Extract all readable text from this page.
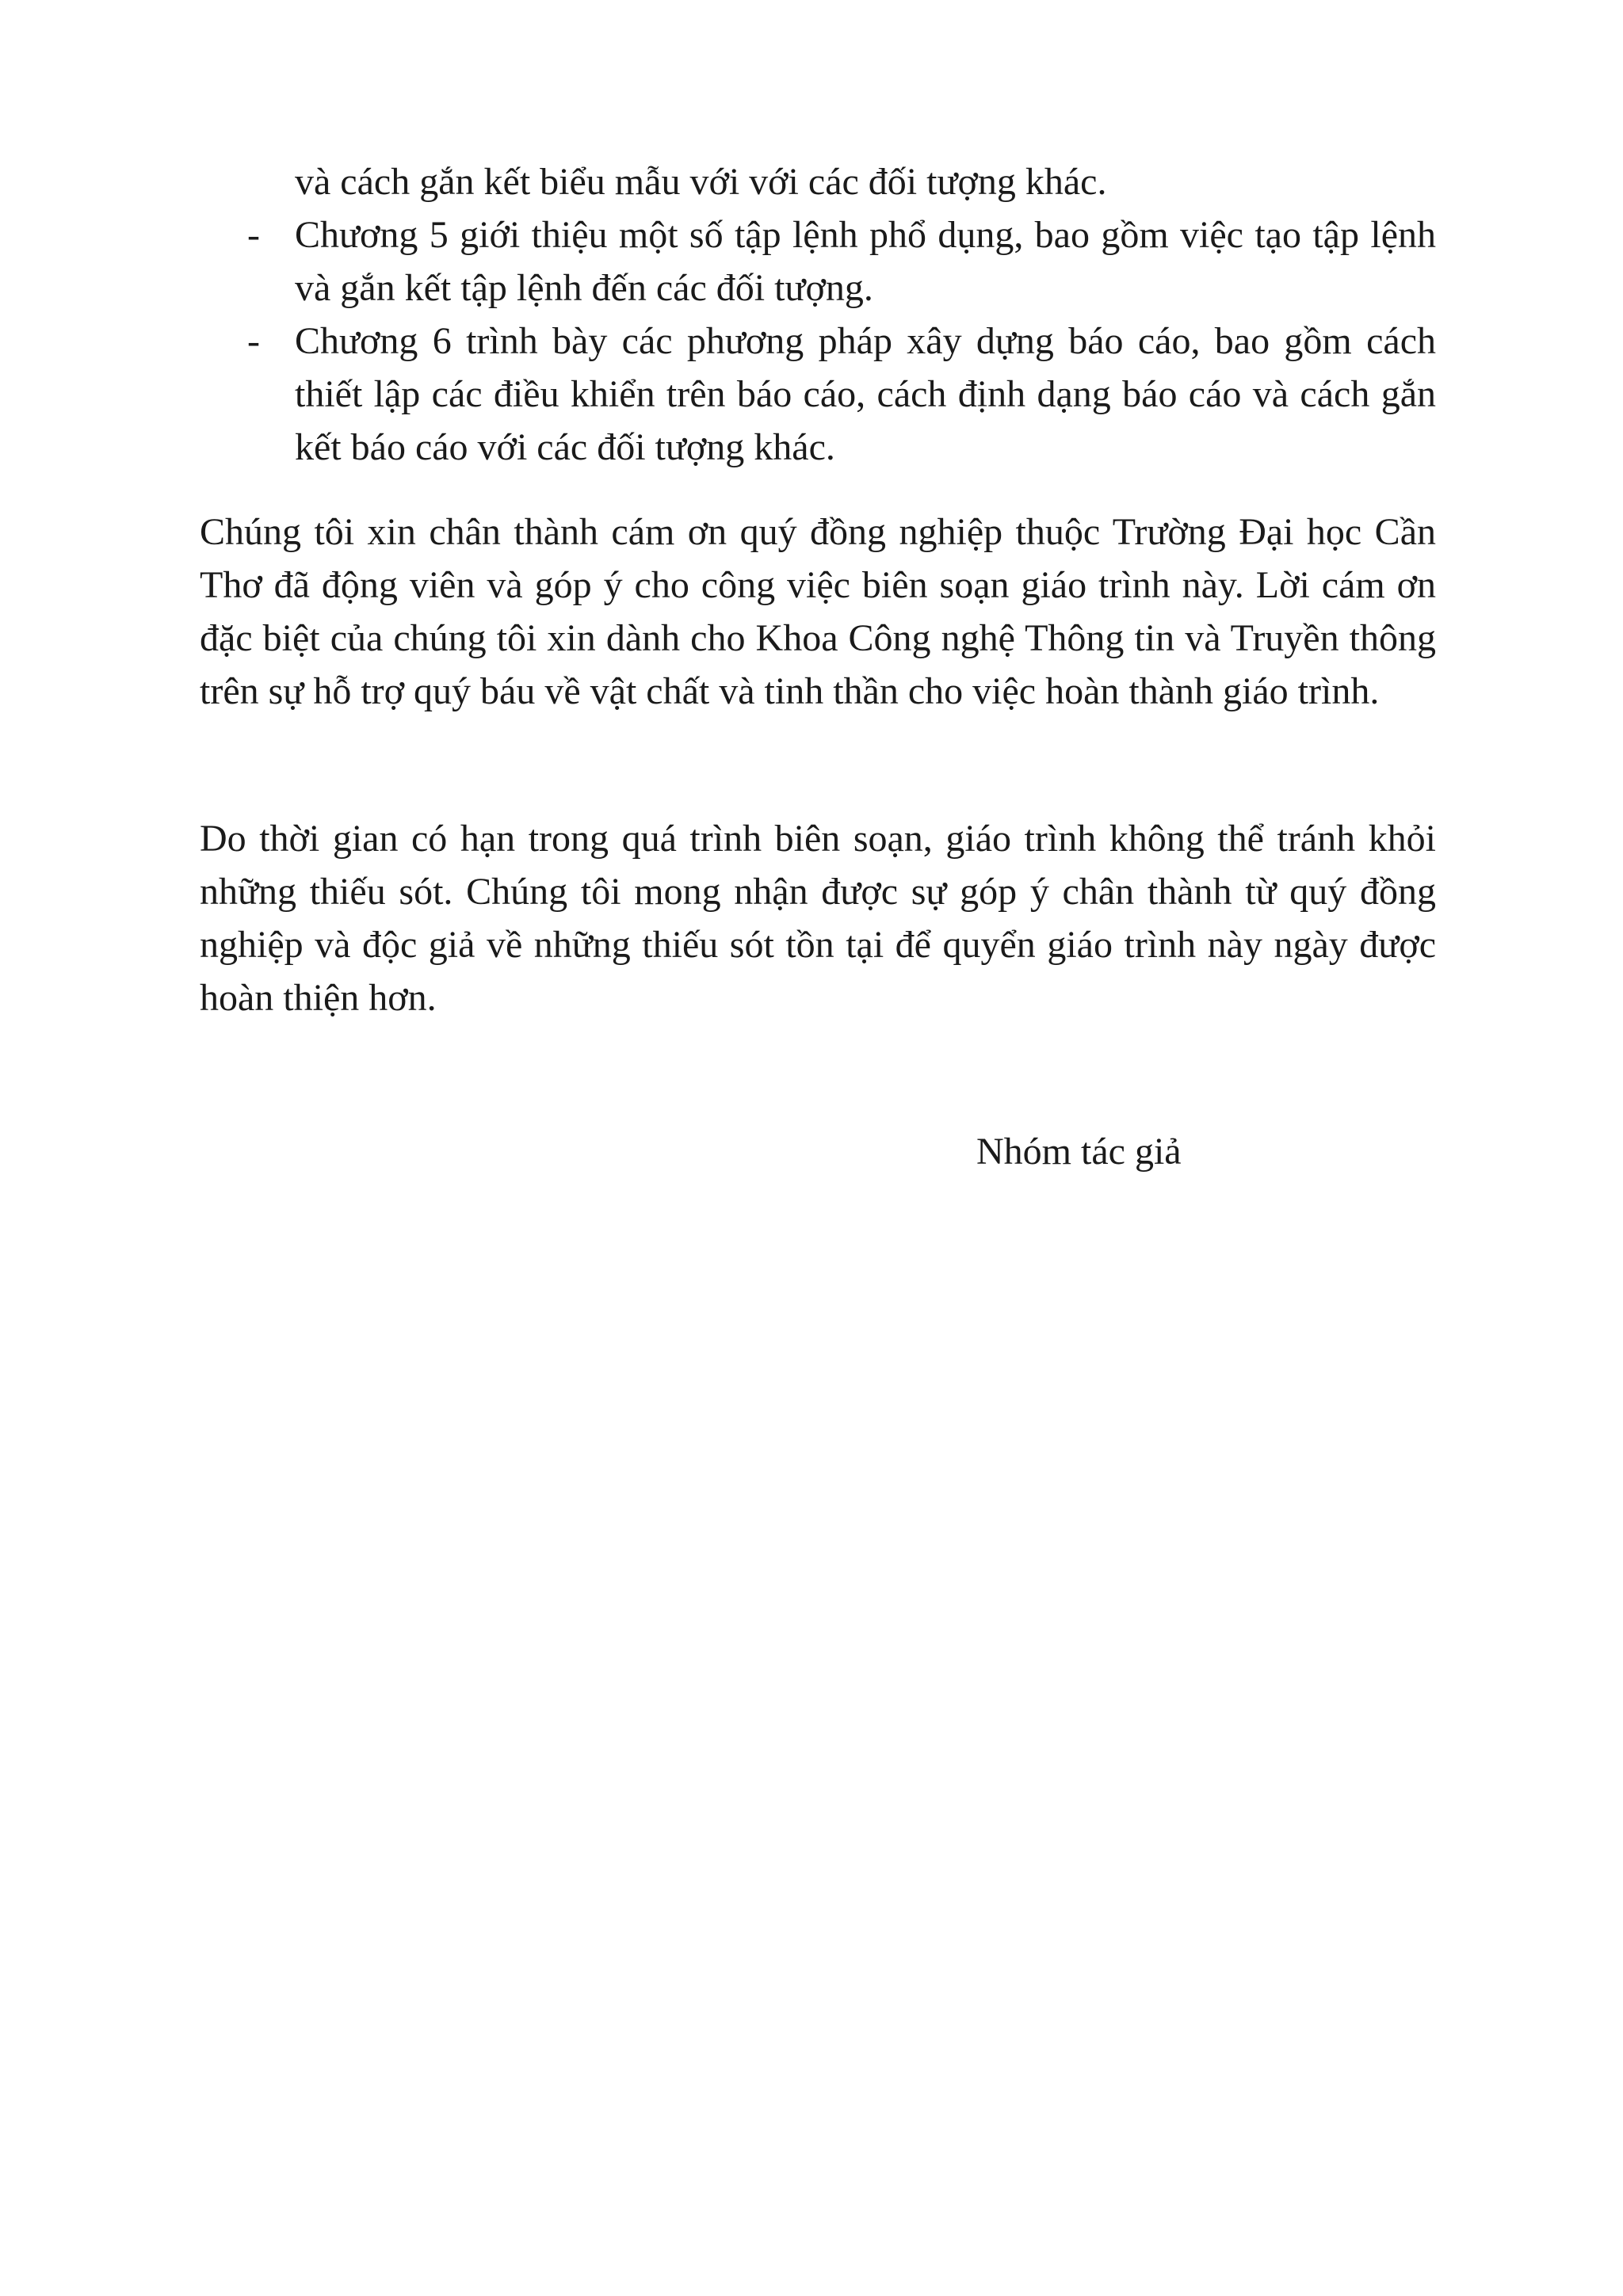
và cách gắn kết biểu mẫu với với các đối tượng khác.
- Chương 5 giới thiệu một số tập lệnh phổ dụng, bao gồm việc tạo tập lệnh và gắn kết tập lệnh đến các đối tượng.
- Chương 6 trình bày các phương pháp xây dựng báo cáo, bao gồm cách thiết lập các điều khiển trên báo cáo, cách định dạng báo cáo và cách gắn kết báo cáo với các đối tượng khác.

Chúng tôi xin chân thành cám ơn quý đồng nghiệp thuộc Trường Đại học Cần Thơ đã động viên và góp ý cho công việc biên soạn giáo trình này. Lời cám ơn đặc biệt của chúng tôi xin dành cho Khoa Công nghệ Thông tin và Truyền thông trên sự hỗ trợ quý báu về vật chất và tinh thần cho việc hoàn thành giáo trình.

Do thời gian có hạn trong quá trình biên soạn, giáo trình không thể tránh khỏi những thiếu sót. Chúng tôi mong nhận được sự góp ý chân thành từ quý đồng nghiệp và độc giả về những thiếu sót tồn tại để quyển giáo trình này ngày được hoàn thiện hơn.

Nhóm tác giả
